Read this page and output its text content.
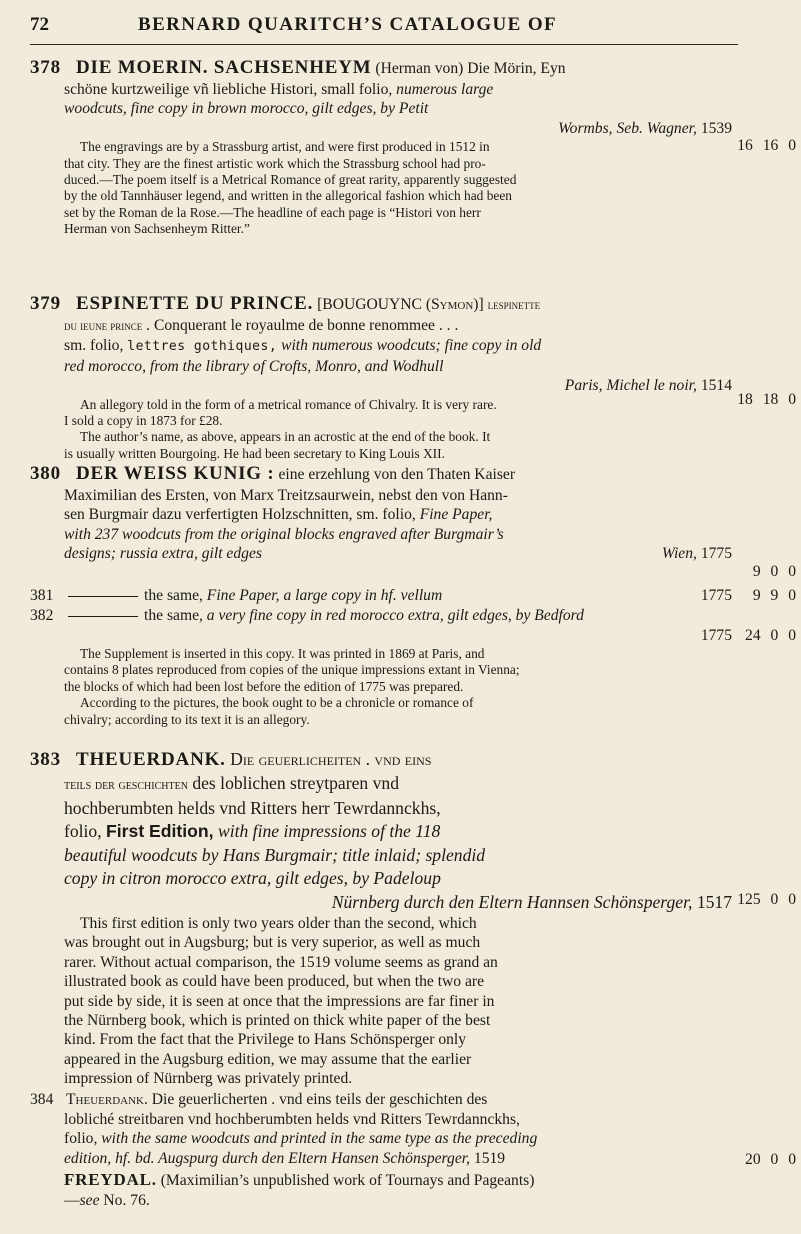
72	BERNARD QUARITCH’S CATALOGUE OF
378 DIE MOERIN. SACHSENHEYM (Herman von) Die Mörin, Eyn
schöne kurtzweilige vñ liebliche Histori, small folio, numerous large
woodcuts, fine copy in brown morocco, gilt edges, by Petit
Wormbs, Seb. Wagner, 1539
16 16 0
The engravings are by a Strassburg artist, and were first produced in 1512 in
that city. They are the finest artistic work which the Strassburg school had pro-
duced.—The poem itself is a Metrical Romance of great rarity, apparently suggested
by the old Tannhäuser legend, and written in the allegorical fashion which had been
set by the Roman de la Rose.—The headline of each page is “Histori von herr
Herman von Sachsenheym Ritter.”
379 ESPINETTE DU PRINCE. [BOUGOUYNC (Symon)] lespinette
du ieune prince . Conquerant le royaulme de bonne renommee . . .
sm. folio, lettres gothiques, with numerous woodcuts; fine copy in old
red morocco, from the library of Crofts, Monro, and Wodhull
Paris, Michel le noir, 1514
18 18 0
An allegory told in the form of a metrical romance of Chivalry. It is very rare.
I sold a copy in 1873 for £28.
The author’s name, as above, appears in an acrostic at the end of the book. It
is usually written Bourgoing. He had been secretary to King Louis XII.
380 DER WEISS KUNIG : eine erzehlung von den Thaten Kaiser
Maximilian des Ersten, von Marx Treitzsaurwein, nebst den von Hann-
sen Burgmair dazu verfertigten Holzschnitten, sm. folio, Fine Paper,
with 237 woodcuts from the original blocks engraved after Burgmair’s
designs; russia extra, gilt edges	Wien, 1775
9 0 0
381	the same, Fine Paper, a large copy in hf. vellum	1775 9 9 0
382	the same, a very fine copy in red morocco extra, gilt edges, by Bedford
1775 24 0 0
The Supplement is inserted in this copy. It was printed in 1869 at Paris, and
contains 8 plates reproduced from copies of the unique impressions extant in Vienna;
the blocks of which had been lost before the edition of 1775 was prepared.
According to the pictures, the book ought to be a chronicle or romance of
chivalry; according to its text it is an allegory.
383 THEUERDANK. Die geuerlicheiten . vnd eins
teils der geschichten des loblichen streytparen vnd
hochberumbten helds vnd Ritters herr Tewrdannckhs,
folio, First Edition, with fine impressions of the 118
beautiful woodcuts by Hans Burgmair; title inlaid; splendid
copy in citron morocco extra, gilt edges, by Padeloup
Nürnberg durch den Eltern Hannsen Schönsperger, 1517 125 0 0
This first edition is only two years older than the second, which
was brought out in Augsburg; but is very superior, as well as much
rarer. Without actual comparison, the 1519 volume seems as grand an
illustrated book as could have been produced, but when the two are
put side by side, it is seen at once that the impressions are far finer in
the Nürnberg book, which is printed on thick white paper of the best
kind. From the fact that the Privilege to Hans Schönsperger only
appeared in the Augsburg edition, we may assume that the earlier
impression of Nürnberg was privately printed.
384 Theuerdank. Die geuerlicherten . vnd eins teils der geschichten des
lobliché streitbaren vnd hochberumbten helds vnd Ritters Tewrdannckhs,
folio, with the same woodcuts and printed in the same type as the preceding
edition, hf. bd. Augspurg durch den Eltern Hansen Schönsperger, 1519	20 0 0
FREYDAL. (Maximilian’s unpublished work of Tournays and Pageants)
—see No. 76.
